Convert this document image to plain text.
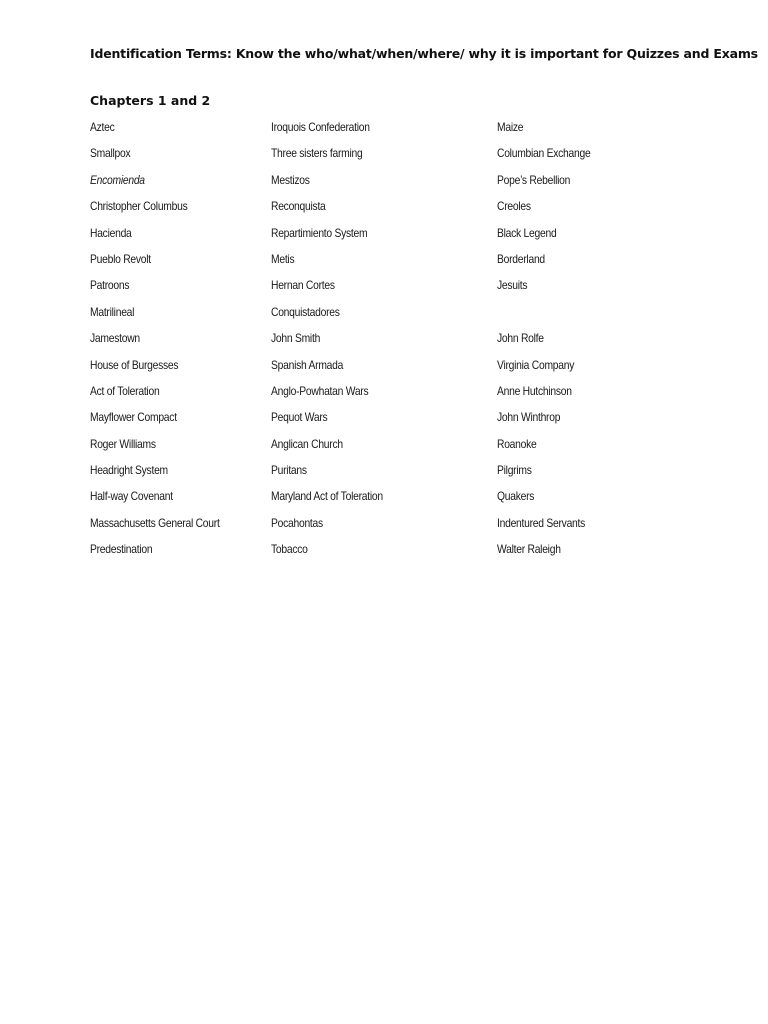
Identification Terms: Know the who/what/when/where/ why it is important for Quizzes and Exams
Chapters 1 and 2
Aztec	Iroquois Confederation	Maize
Smallpox	Three sisters farming	Columbian Exchange
Encomienda	Mestizos	Pope’s Rebellion
Christopher Columbus	Reconquista	Creoles
Hacienda	Repartimiento System	Black Legend
Pueblo Revolt	Metis	Borderland
Patroons	Hernan Cortes	Jesuits
Matrilineal	Conquistadores
Jamestown	John Smith	John Rolfe
House of Burgesses	Spanish Armada	Virginia Company
Act of Toleration	Anglo-Powhatan Wars	Anne Hutchinson
Mayflower Compact	Pequot Wars	John Winthrop
Roger Williams	Anglican Church	Roanoke
Headright System	Puritans	Pilgrims
Half-way Covenant	Maryland Act of Toleration	Quakers
Massachusetts General Court	Pocahontas	Indentured Servants
Predestination	Tobacco	Walter Raleigh
